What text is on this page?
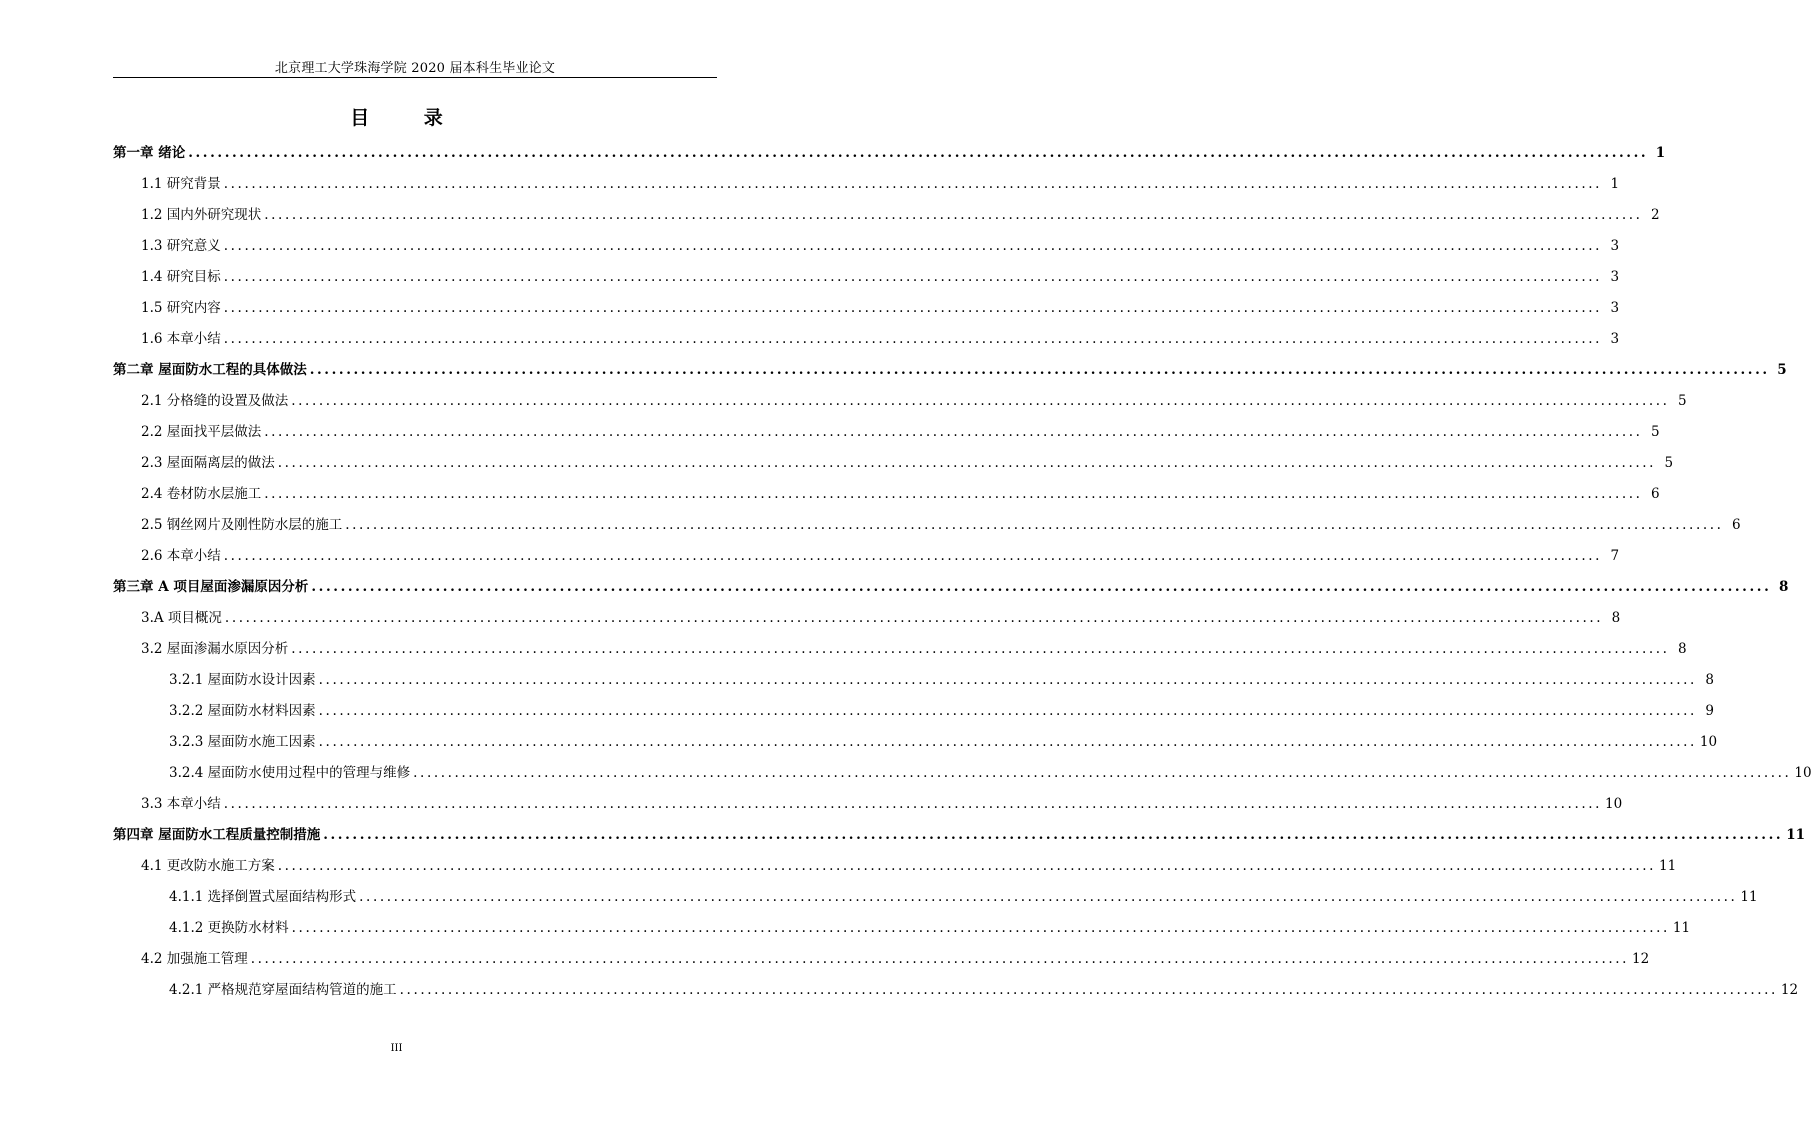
北京理工大学珠海学院 2020 届本科生毕业论文
目 录
第一章 绪论 ........................................................................................................................................................................................................ 1
1.1 研究背景 ........................................................................................................................................................................................................ 1
1.2 国内外研究现状 ........................................................................................................................................................................................................ 2
1.3 研究意义 ........................................................................................................................................................................................................ 3
1.4 研究目标 ........................................................................................................................................................................................................ 3
1.5 研究内容 ........................................................................................................................................................................................................ 3
1.6 本章小结 ........................................................................................................................................................................................................ 3
第二章 屋面防水工程的具体做法 ........................................................................................................................................................................................................ 5
2.1 分格缝的设置及做法 ........................................................................................................................................................................................................ 5
2.2 屋面找平层做法 ........................................................................................................................................................................................................ 5
2.3 屋面隔离层的做法 ........................................................................................................................................................................................................ 5
2.4 卷材防水层施工 ........................................................................................................................................................................................................ 6
2.5 钢丝网片及刚性防水层的施工 ........................................................................................................................................................................................................ 6
2.6 本章小结 ........................................................................................................................................................................................................ 7
第三章 A 项目屋面渗漏原因分析 ........................................................................................................................................................................................................ 8
3.A 项目概况 ........................................................................................................................................................................................................ 8
3.2 屋面渗漏水原因分析 ........................................................................................................................................................................................................ 8
3.2.1 屋面防水设计因素 ........................................................................................................................................................................................................ 8
3.2.2 屋面防水材料因素 ........................................................................................................................................................................................................ 9
3.2.3 屋面防水施工因素 ........................................................................................................................................................................................................ 10
3.2.4 屋面防水使用过程中的管理与维修 ........................................................................................................................................................................................................ 10
3.3 本章小结 ........................................................................................................................................................................................................ 10
第四章 屋面防水工程质量控制措施 ........................................................................................................................................................................................................ 11
4.1 更改防水施工方案 ........................................................................................................................................................................................................ 11
4.1.1 选择倒置式屋面结构形式 ........................................................................................................................................................................................................ 11
4.1.2 更换防水材料 ........................................................................................................................................................................................................ 11
4.2 加强施工管理 ........................................................................................................................................................................................................ 12
4.2.1 严格规范穿屋面结构管道的施工 ........................................................................................................................................................................................................ 12
III
